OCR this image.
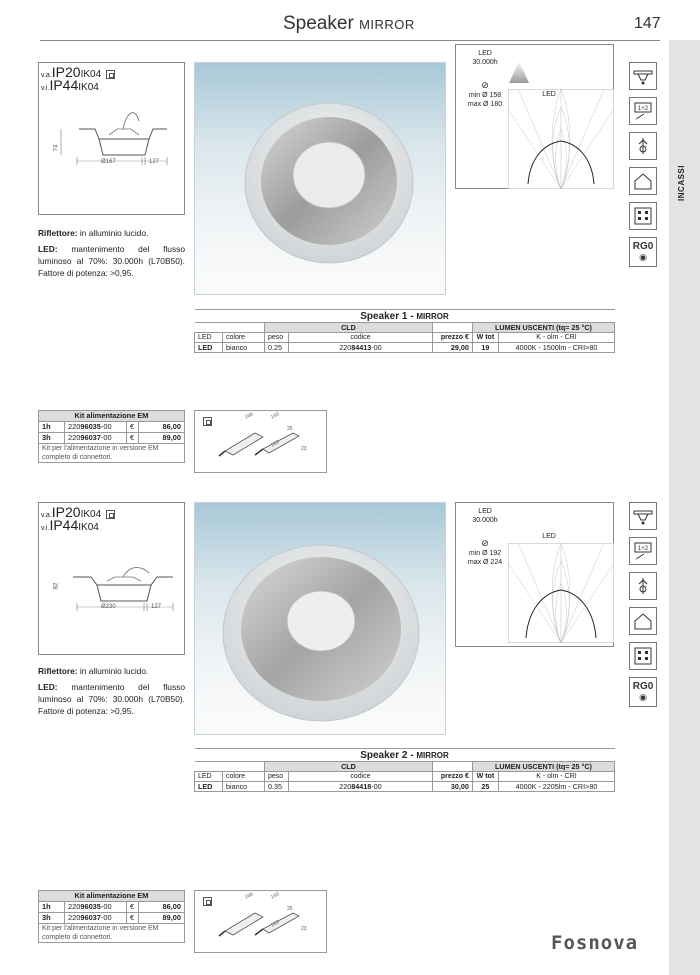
Speaker MIRROR	147
INCASSI
v.a.IP20IK04
v.i.IP44IK04
74
Ø167	127
LED
30.000h
⊘
min Ø 158
max Ø 180
LED

Riflettore: in alluminio lucido.

LED: mantenimento del flusso luminoso al 70%: 30.000h (L70B50). Fattore di potenza: >0,95.

1+2
RG0
◉
Speaker 1 - MIRROR						
		CLD			LUMEN USCENTI (tq= 25 °C)	
LED	colore	peso	codice	prezzo €	W tot	K - olm - CRI
LED	bianco	0.25	22084413-00	29,00	19	4000K - 1500lm - CRI>80
Kit alimentazione EM			
1h	22096035-00	€	86,00
3h	22096037-00	€	89,00
Kit per l'alimentazione in versione EM completo di connettori.			
166	150
25
120
23
v.a.IP20IK04
v.i.IP44IK04
82
Ø230	127
LED
30.000h
⊘
min Ø 192
max Ø 224
LED

Riflettore: in alluminio lucido.

LED: mantenimento del flusso luminoso al 70%: 30.000h (L70B50). Fattore di potenza: >0,95.

1+2
RG0
◉
Speaker 2 - MIRROR						
		CLD			LUMEN USCENTI (tq= 25 °C)	
LED	colore	peso	codice	prezzo €	W tot	K - olm - CRI
LED	bianco	0.35	22084418-00	30,00	25	4000K - 2205lm - CRI>80
Kit alimentazione EM			
1h	22096035-00	€	86,00
3h	22096037-00	€	89,00
Kit per l'alimentazione in versione EM completo di connettori.			
166	150
25
120
23
Fosnova
